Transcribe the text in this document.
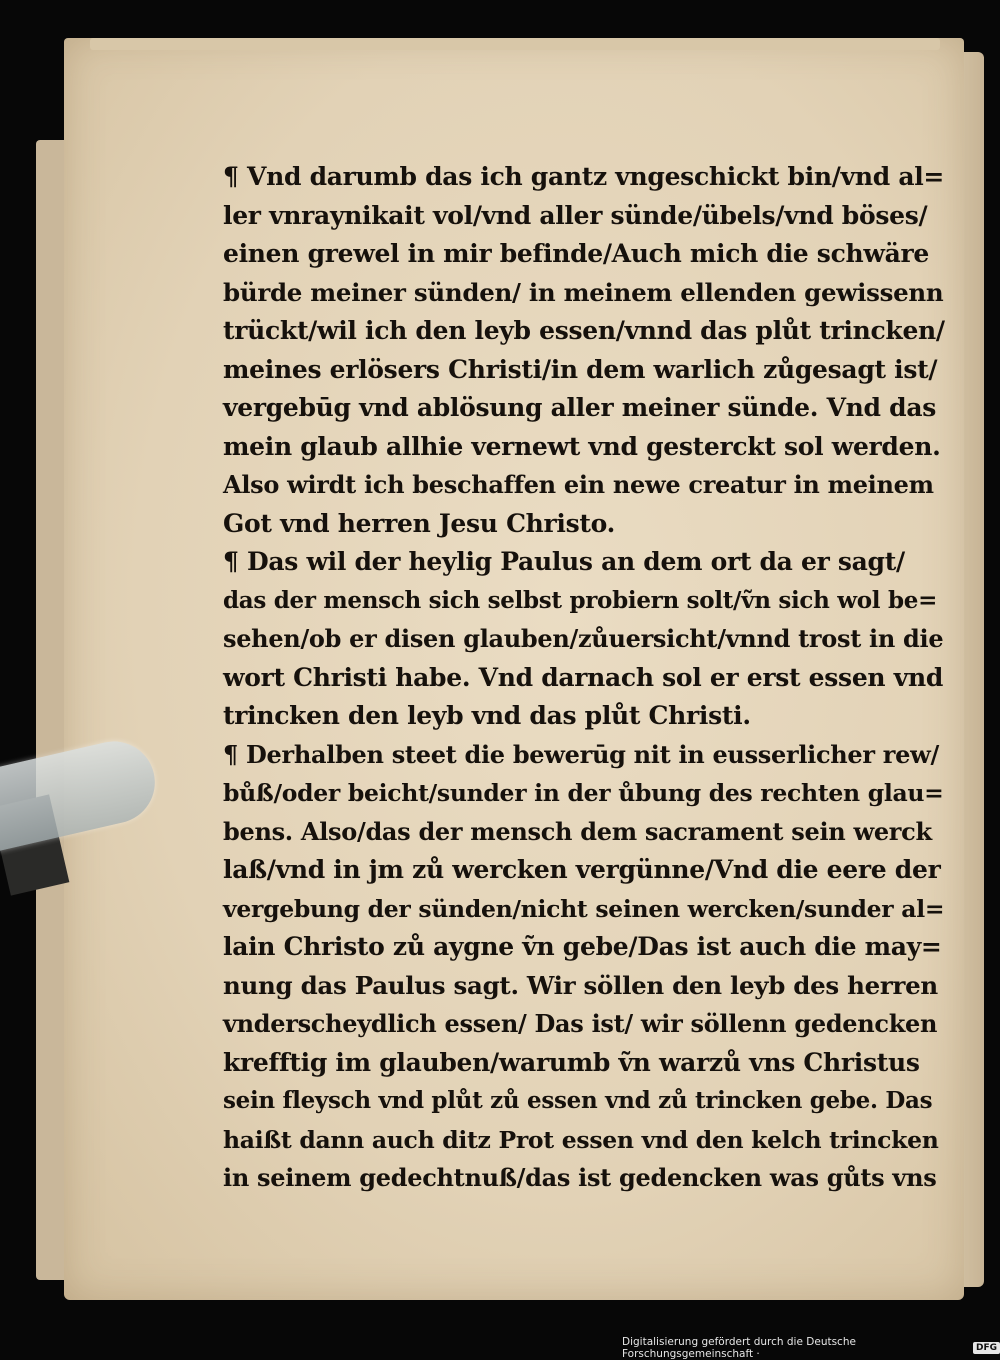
¶ Vnd darumb das ich gantz vngeschickt bin/vnd al=
ler vnraynikait vol/vnd aller sünde/übels/vnd böses/
einen grewel in mir befinde/Auch mich die schwäre
bürde meiner sünden/ in meinem ellenden gewissenn
trückt/wil ich den leyb essen/vnnd das plůt trincken/
meines erlösers Christi/in dem warlich zůgesagt ist/
vergebūg vnd ablösung aller meiner sünde. Vnd das
mein glaub allhie vernewt vnd gesterckt sol werden.
Also wirdt ich beschaffen ein newe creatur in meinem
Got vnd herren Jesu Christo.
¶ Das wil der heylig Paulus an dem ort da er sagt/
das der mensch sich selbst probiern solt/ṽn sich wol be=
sehen/ob er disen glauben/zůuersicht/vnnd trost in die
wort Christi habe. Vnd darnach sol er erst essen vnd
trincken den leyb vnd das plůt Christi.
¶ Derhalben steet die bewerūg nit in eusserlicher rew/
bůß/oder beicht/sunder in der ůbung des rechten glau=
bens. Also/das der mensch dem sacrament sein werck
laß/vnd in jm zů wercken vergünne/Vnd die eere der
vergebung der sünden/nicht seinen wercken/sunder al=
lain Christo zů aygne ṽn gebe/Das ist auch die may=
nung das Paulus sagt. Wir söllen den leyb des herren
vnderscheydlich essen/ Das ist/ wir söllenn gedencken
krefftig im glauben/warumb ṽn warzů vns Christus
sein fleysch vnd plůt zů essen vnd zů trincken gebe. Das
haißt dann auch ditz Prot essen vnd den kelch trincken
in seinem gedechtnuß/das ist gedencken was gůts vns
Digitalisierung gefördert durch die Deutsche Forschungsgemeinschaft ·	DFG
